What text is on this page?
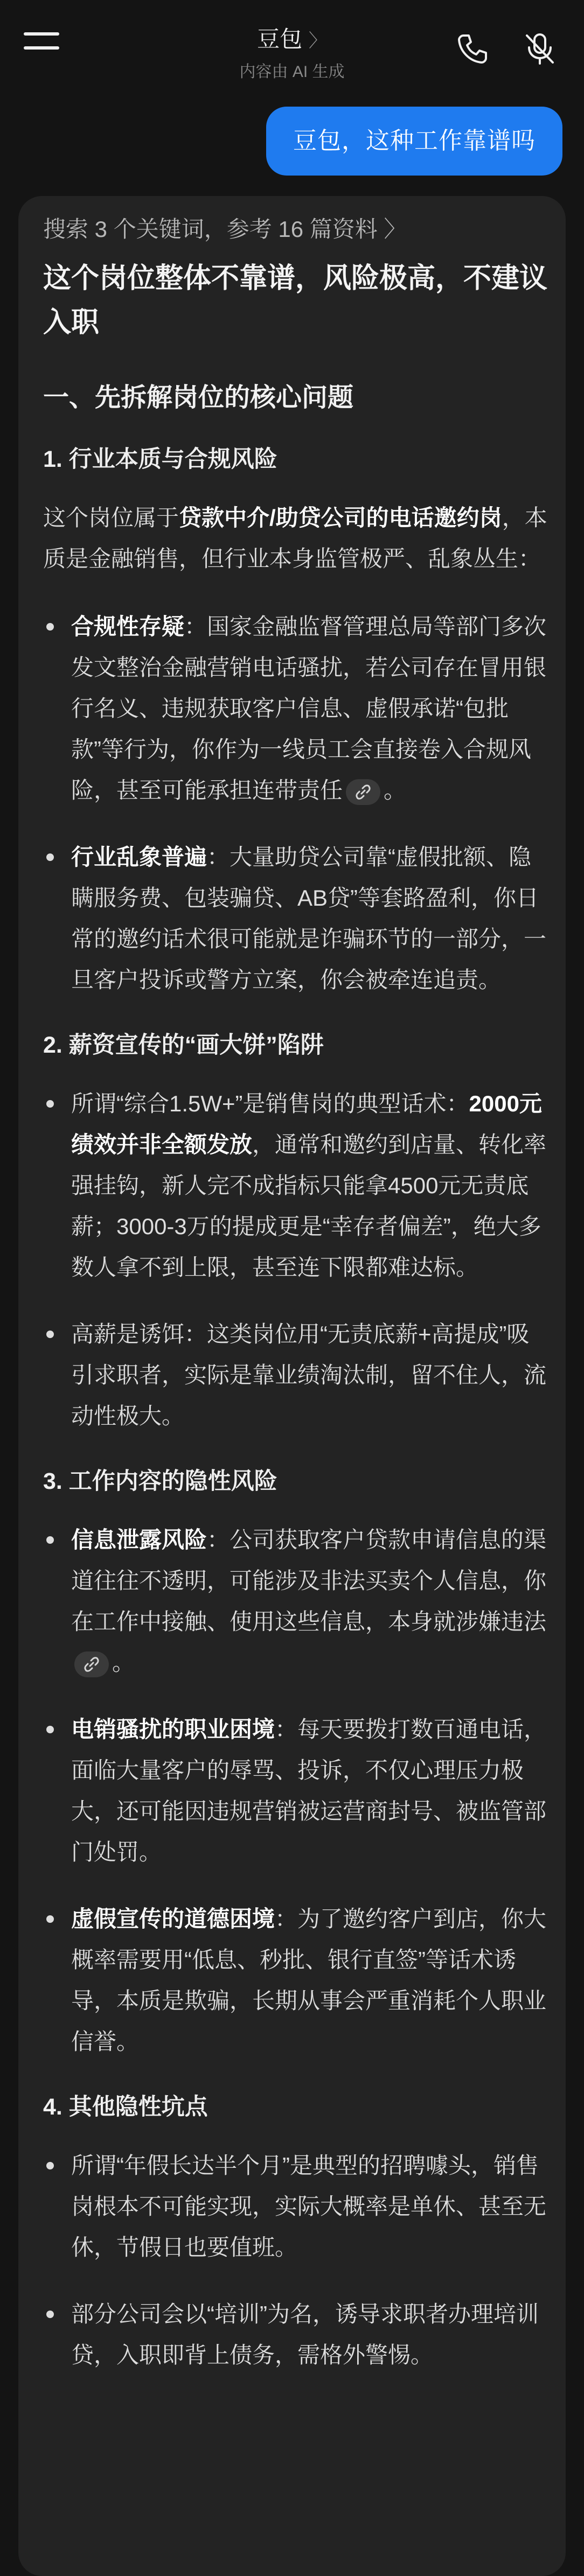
豆包 〉
内容由 AI 生成
豆包，这种工作靠谱吗
搜索 3 个关键词，参考 16 篇资料 〉
这个岗位整体不靠谱，风险极高，不建议入职
一、先拆解岗位的核心问题
1. 行业本质与合规风险
这个岗位属于贷款中介/助贷公司的电话邀约岗，本质是金融销售，但行业本身监管极严、乱象丛生：
合规性存疑：国家金融监督管理总局等部门多次发文整治金融营销电话骚扰，若公司存在冒用银行名义、违规获取客户信息、虚假承诺“包批款”等行为，你作为一线员工会直接卷入合规风险，甚至可能承担连带责任 。
行业乱象普遍：大量助贷公司靠“虚假批额、隐瞒服务费、包装骗贷、AB贷”等套路盈利，你日常的邀约话术很可能就是诈骗环节的一部分，一旦客户投诉或警方立案，你会被牵连追责。
2. 薪资宣传的“画大饼”陷阱
所谓“综合1.5W+”是销售岗的典型话术：2000元绩效并非全额发放，通常和邀约到店量、转化率强挂钩，新人完不成指标只能拿4500元无责底薪；3000-3万的提成更是“幸存者偏差”，绝大多数人拿不到上限，甚至连下限都难达标。
高薪是诱饵：这类岗位用“无责底薪+高提成”吸引求职者，实际是靠业绩淘汰制，留不住人，流动性极大。
3. 工作内容的隐性风险
信息泄露风险：公司获取客户贷款申请信息的渠道往往不透明，可能涉及非法买卖个人信息，你在工作中接触、使用这些信息，本身就涉嫌违法
。
电销骚扰的职业困境：每天要拨打数百通电话，面临大量客户的辱骂、投诉，不仅心理压力极大，还可能因违规营销被运营商封号、被监管部门处罚。
虚假宣传的道德困境：为了邀约客户到店，你大概率需要用“低息、秒批、银行直签”等话术诱导，本质是欺骗，长期从事会严重消耗个人职业信誉。
4. 其他隐性坑点
所谓“年假长达半个月”是典型的招聘噱头，销售岗根本不可能实现，实际大概率是单休、甚至无休，节假日也要值班。
部分公司会以“培训”为名，诱导求职者办理培训贷，入职即背上债务，需格外警惕。
